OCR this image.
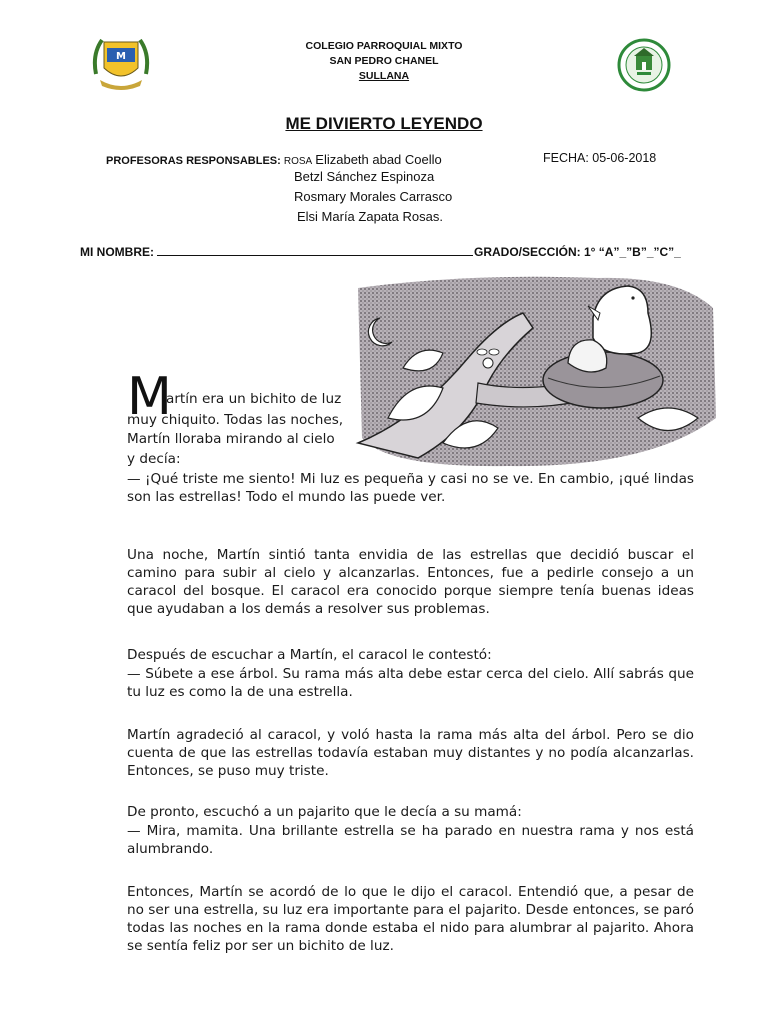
M
COLEGIO PARROQUIAL MIXTO
SAN PEDRO CHANEL
SULLANA
ME DIVIERTO LEYENDO
PROFESORAS RESPONSABLES: ROSA Elizabeth abad Coello
Betzl Sánchez Espinoza
Rosmary Morales Carrasco
Elsi María Zapata Rosas.
FECHA: 05-06-2018
MI NOMBRE:	GRADO/SECCIÓN: 1° “A”_”B”_”C”_
M
artín era un bichito de luz
muy chiquito. Todas las noches,
Martín lloraba mirando al cielo
y decía:
— ¡Qué triste me siento! Mi luz es pequeña y casi no se ve. En cambio, ¡qué lindas son las estrellas! Todo el mundo las puede ver.
Una noche, Martín sintió tanta envidia de las estrellas que decidió buscar el camino para subir al cielo y alcanzarlas. Entonces, fue a pedirle consejo a un caracol del bosque. El caracol era conocido porque siempre tenía buenas ideas que ayudaban a los demás a resolver sus problemas.
Después de escuchar a Martín, el caracol le contestó:
— Súbete a ese árbol. Su rama más alta debe estar cerca del cielo. Allí sabrás que tu luz es como la de una estrella.
Martín agradeció al caracol, y voló hasta la rama más alta del árbol. Pero se dio cuenta de que las estrellas todavía estaban muy distantes y no podía alcanzarlas. Entonces, se puso muy triste.
De pronto, escuchó a un pajarito que le decía a su mamá:
— Mira, mamita. Una brillante estrella se ha parado en nuestra rama y nos está alumbrando.
Entonces, Martín se acordó de lo que le dijo el caracol. Entendió que, a pesar de no ser una estrella, su luz era importante para el pajarito. Desde entonces, se paró todas las noches en la rama donde estaba el nido para alumbrar al pajarito. Ahora se sentía feliz por ser un bichito de luz.
